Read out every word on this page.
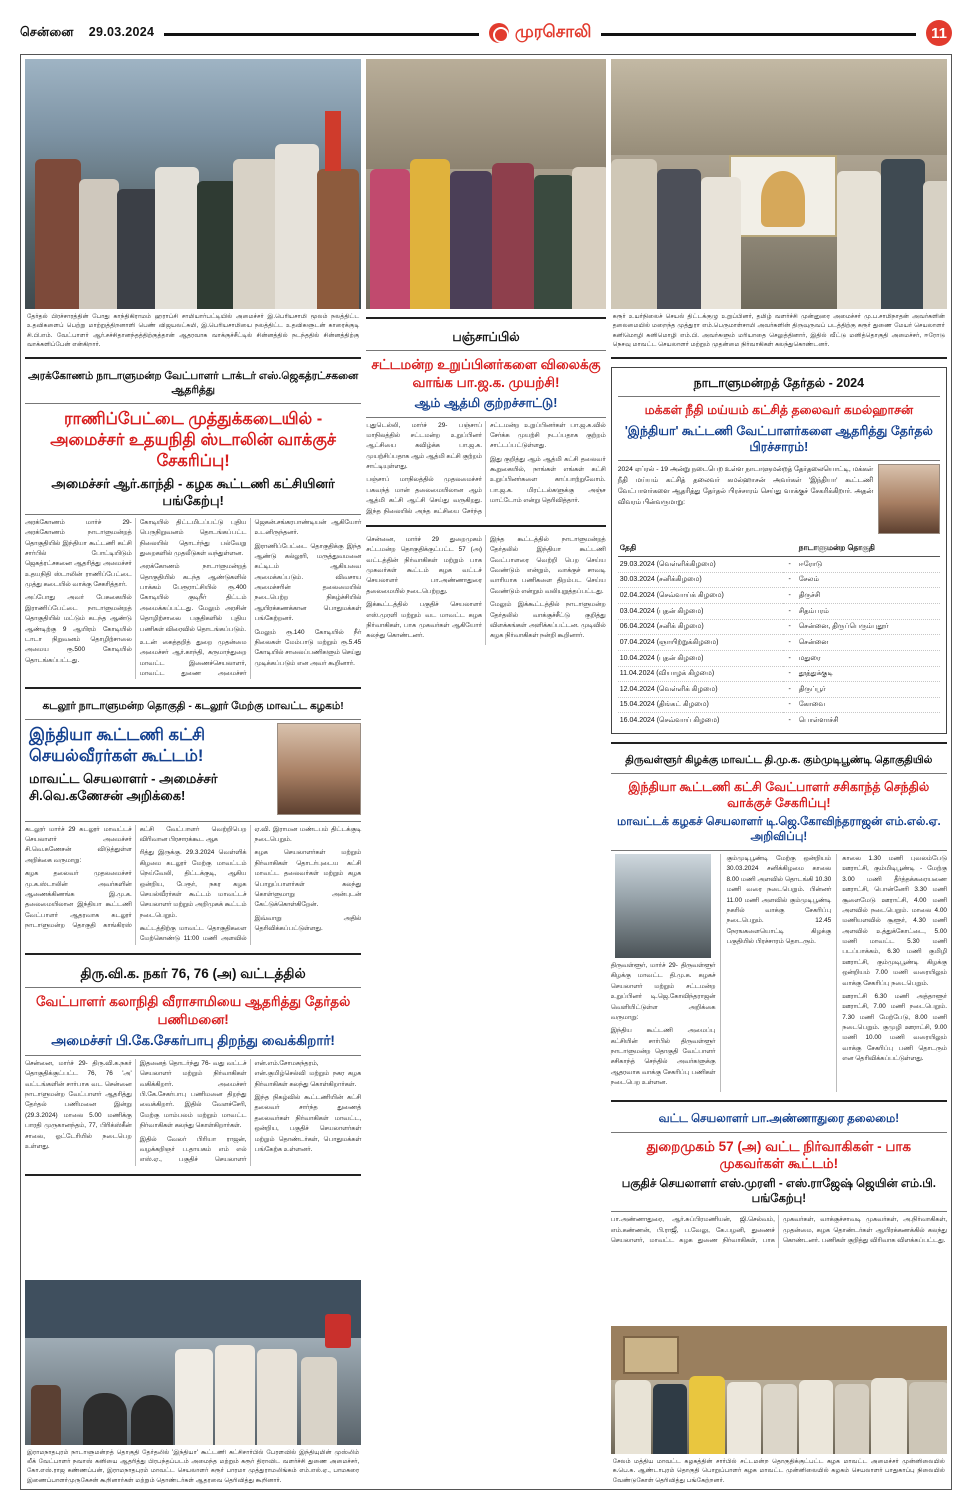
சென்னை 29.03.2024	முரசொலி	11
தேர்தல் பிரச்சாரத்தின் போது காந்திகிராமம் ஹராப்சி சாமியார்பட்டியில் அமைச்சர் இ.பெரியசாமி மூலம் நலத்திட்ட உதவிகளைப் பெற்று மாற்றுத்திறனாளி பெண் விஜயலட்சுமி, இ.பெரியசாமியை நலத்திட்ட உதவிகளுடன் காரைக்குடி சி.பி.எம். வேட்பாளர் ஆர்.சச்சிதானந்தத்திற்குத்தான் ஆதரவாக வாக்குச்சீட்டில் சின்னத்தில் நடந்ததில் சின்னத்திற்கு வாக்களிப்பேன் என்கிறார்.
அரக்கோணம் நாடாளுமன்ற வேட்பாளர் டாக்டர் எஸ்.ஜெகத்ரட்சகனை ஆதரித்து
ராணிப்பேட்டை முத்துக்கடையில் - அமைச்சர் உதயநிதி ஸ்டாலின் வாக்குச் சேகரிப்பு!
அமைச்சர் ஆர்.காந்தி - கழக கூட்டணி கட்சியினர் பங்கேற்பு!

அரக்கோணம் மார்ச் 29- அரக்கோணம் நாடாளுமன்றத் தொகுதியில் இந்தியா கூட்டணி கட்சி சார்பில் போட்டியிடும் ஜெகத்ரட்சகனை ஆதரித்து அமைச்சர் உதயநிதி ஸ்டாலின் ராணிப்பேட்டை முத்து கடையில் வாக்கு சேகரித்தார்.

அப்போது அவர் பேசுகையில் இராணிப்பேட்டை நாடாளுமன்றத் தொகுதியில் மட்டும் கடந்த ஆண்டு ஆண்டிற்கு 9 ஆயிரம் கோடியில் டாடா நிறுவனம் தொழிற்சாலை அமைய ரூ.500 கோடியில் தொடங்கப்பட்டது.

கோடியில் திட்டமிடப்பட்டு புதிய பெருநிறுவனம் தொடங்கப்பட்ட நிலையில் தொடர்ந்து பல்வேறு துறைகளில் முதலீடுகள் வந்துள்ளன.

அரக்கோணம் நாடாளுமன்றத் தொகுதியில் கடந்த ஆண்டுகளில் பாக்கம் பேரூராட்சியில் ரூ.400 கோடியில் குடிநீர் திட்டம் அமைக்கப்பட்டது. மேலும் அரசின் தொழிற்சாலை பகுதிகளில் புதிய பணிகள் விரைவில் தொடங்கப்படும்.

உடன் கைத்தறித் துறை முதன்மை அமைச்சர் ஆர்.காந்தி, கருமாந்துறை மாவட்ட இணைச்செயலாளர், மாவட்ட துணை அமைச்சர் ஜெகன்.சங்கரபாண்டியன் ஆகியோர் உடனிருந்தனர்.

இராணிப்பேட்டை தொகுதிக்கு இந்த ஆண்டு கல்லூரி, மருத்துவமனை கட்டிடம் ஆகியவை அமைக்கப்படும். விவசாய அமைச்சரின் தலைமையில் நடைபெற்ற நிகழ்ச்சியில் ஆயிரக்கணக்கான பொதுமக்கள் பங்கேற்றனர்.

மேலும் ரூ.140 கோடியில் நீர் நிலைகள் மேம்பாடு மற்றும் ரூ.5.45 கோடியில் சாலைப்பணிகளும் செய்து முடிக்கப்படும் என அவர் கூறினார்.

கடலூர் நாடாளுமன்ற தொகுதி - கடலூர் மேற்கு மாவட்ட கழகம்!
இந்தியா கூட்டணி கட்சி செயல்வீரர்கள் கூட்டம்!
மாவட்ட செயலாளர் - அமைச்சர் சி.வெ.கணேசன் அறிக்கை!

கடலூர் மார்ச் 29 கடலூர் மாவட்டச் செயலாளர் அமைச்சர் சி.வெ.கணேசன் விடுத்துள்ள அறிக்கை வருமாறு:

கழக தலைவர் முதலமைச்சர் மு.க.ஸ்டாலின் அவர்களின் ஆணைக்கிணங்க இ.மு.க. தலைமையிலான இந்தியா கூட்டணி வேட்பாளர் ஆதரவாக கடலூர் நாடாளுமன்ற தொகுதி காங்கிரஸ் கட்சி வேட்பாளர் வெற்றிபெற விரிவான பிரசாரக்கூட ஆக

ரித்து இருக்கு. 29.3.2024 வெள்ளிக் கிழமை கடலூர் மேற்கு மாவட்டம் நெய்வேலி, திட்டக்குடி, ஆகிய ஒன்றிய, பேரூர், நகர கழக செயல்வீரர்கள் கூட்டம் மாவட்டச் செயலாளர் மற்றும் அறிமுகக் கூட்டம் நடைபெறும்.

கூட்டத்திற்கு மாவட்ட தொகுதிகளை மேற்கொண்டு 11:00 மணி அளவில் ஏ.வி. இராமன மண்டபம் திட்டக்குடி நடைபெறும்.

கழக செயலாளர்கள் மற்றும் நிர்வாகிகள் தொடர்புடைய கட்சி மாவட்ட தலைவர்கள் மற்றும் கழக பொறுப்பாளர்கள் கலந்து கொள்ளுமாறு அன்புடன் கேட்டுக்கொள்கிறேன்.

இவ்வாறு அதில் தெரிவிக்கப்பட்டுள்ளது.

திரு.வி.க. நகர் 76, 76 (அ) வட்டத்தில்
வேட்பாளர் கலாநிதி வீராசாமியை ஆதரித்து தேர்தல் பணிமனை!
அமைச்சர் பி.கே.சேகர்பாபு திறந்து வைக்கிறார்!

சென்னை, மார்ச் 29- திரு.வி.க.நகர் தொகுதிக்குட்பட்ட 76, 76 'அ' வட்டங்களின் சார்பாக வட சென்னை நாடாளுமன்ற வேட்பாளர் ஆதரித்து தேர்தல் பணிமனை இன்று (29.3.2024) மாலை 5.00 மணிக்கு பாரதி முருகானந்தம், 77, பிரிக்ஸ்கீன் சாலை, ஓட்டேரியில் நடைபெற உள்ளது.

இதனைத் தொடர்ந்து 76- வது வட்டச் செயலாளர் மற்றும் நிர்வாகிகள் வகிக்கிறார். அமைச்சர் பி.கே.சேகர்பாபு பணிமனை திறந்து வைக்கிறார். இதில் வேளச்சேரி, மேற்கு மாம்பலம் மற்றும் மாவட்ட நிர்வாகிகள் கலந்து கொள்கிறார்கள்.

இதில் வேலர் பிரியா ராஜன், வழக்கறிஞர் ப.தாயகம் எம் எல் எஸ்.ஏ., பகுதிச் செயலாளர் என்.எம்.சோமசுந்தரம், என்.குமிழ்செல்வி மற்றும் நகர கழக நிர்வாகிகள் கலந்து கொள்கிறார்கள்.

இந்த நிகழ்வில் கூட்டணியின் கட்சி தலைவர் சார்ந்த துணைத் தலைவர்கள் நிர்வாகிகள் மாவட்ட, ஒன்றிய, பகுதிச் செயலாளர்கள் மற்றும் தொண்டர்கள், பொதுமக்கள் பங்கேற்க உள்ளனர்.

இராமநாதபுரம் நாடாளுமன்றத் தொகுதி தேர்தலில் 'இந்தியா' கூட்டணி கட்சிசார்பில் பேரளவில் இந்தியுமின் முஸ்லிம் லீக் வேட்பாளர் நவாஸ் கனியை ஆதரித்து பிரபந்தப்படம் அமைந்த மற்றும் கரூர் திராவிட வளர்ச்சி துணை அமைச்சர், கோ.எஸ்.ராஜ கண்ணப்பன், இராமநாதபுரம் மாவட்ட செயலாளர் கரூர் பாரமா முத்துராமலிங்கம் எம்.எல்.ஏ., பாமகரை இணைப்பாளர்முருகேசன் கூறினார்கள் மற்றும் தொண்டர்கள் ஆதரவை தெரிவித்து கூறினார்.
பஞ்சாப்பில்
சட்டமன்ற உறுப்பினர்களை விலைக்கு வாங்க பா.ஜ.க. முயற்சி!
ஆம் ஆத்மி குற்றச்சாட்டு!

புதுடெல்லி, மார்ச் 29- பஞ்சாப் மாநிலத்தில் சட்டமன்ற உறுப்பினர் ஆட்சியை கவிழ்க்க பா.ஜ.க. முயற்சிப்பதாக ஆம் ஆத்மி கட்சி குற்றம் சாட்டியுள்ளது.

பஞ்சாப் மாநிலத்தில் முதலமைச்சர் பகவந்த் மான் தலைமையிலான ஆம் ஆத்மி கட்சி ஆட்சி செய்து வருகிறது. இந்த நிலையில் அந்த கட்சியை சேர்ந்த சட்டமன்ற உறுப்பினர்கள் பா.ஜ.க.வில் சேர்க்க முயற்சி நடப்பதாக குற்றம் சாட்டப்பட்டுள்ளது.

இது குறித்து ஆம் ஆத்மி கட்சி தலைவர் கூறுகையில், நாங்கள் எங்கள் கட்சி உறுப்பினர்களை காப்பாற்றுவோம். பா.ஜ.க. மிரட்டல்களுக்கு அஞ்ச மாட்டோம் என்று தெரிவித்தார்.

சென்னை, மார்ச் 29 துறைமுகம் சட்டமன்ற தொகுதிக்குட்பட்ட 57 (அ) வட்டத்தின் நிர்வாகிகள் மற்றும் பாக முகவர்கள் கூட்டம் கழக வட்டச் செயலாளர் பா.அண்ணாதுரை தலைமையில் நடைபெற்றது.

இக்கூட்டத்தில் பகுதிச் செயலாளர் எஸ்.முரளி மற்றும் வட மாவட்ட கழக நிர்வாகிகள், பாக முகவர்கள் ஆகியோர் கலந்து கொண்டனர்.

இந்த கூட்டத்தில் நாடாளுமன்றத் தேர்தலில் இந்தியா கூட்டணி வேட்பாளரை வெற்றி பெற செய்ய வேண்டும் என்றும், வாக்குச் சாவடி வாரியாக பணிகளை திறம்பட செய்ய வேண்டும் என்றும் வலியுறுத்தப்பட்டது.

மேலும் இக்கூட்டத்தில் நாடாளுமன்ற தேர்தலில் வாக்குச்சீட்டு குறித்து விளக்கங்கள் அளிக்கப்பட்டன. முடிவில் கழக நிர்வாகிகள் நன்றி கூறினார்.

கரூர் உயர்நிலைச் செயல் திட்டக்குழு உறுப்பினர், தமிழ் வளர்ச்சி முன்னுரை அமைச்சர் மு.ப.சாமிநாதன் அவர்களின் தலைமையில் மறைந்த முத்துரா எம்.பெருமாள்சாமி அவர்களின் திருவுருவப் படத்திற்கு கரூர் துணை மேயர் செயலாளர் கனிமொழி கனிமொழி எம்.பி. அவர்களும் மரியாதை செலுத்தினார், இதில் வீட்டு மனித்தொகுதி அமைச்சர், ஈரோடு நெசவு மாவட்ட செயலாளர் மற்றும் முதன்மை நிர்வாகிகள் கலந்துகொண்டனர்.
நாடாளுமன்றத் தேர்தல் - 2024
மக்கள் நீதி மய்யம் கட்சித் தலைவர் கமல்ஹாசன்
'இந்தியா' கூட்டணி வேட்பாளர்களை ஆதரித்து தேர்தல் பிரச்சாரம்!
2024 ஏப்ரல் - 19 அன்று நடைபெற உள்ள நாடாளுமன்றத் தேர்தலையொட்டி, மக்கள் நீதி மய்யம் கட்சித் தலைவர் கமல்ஹாசன் அவர்கள் 'இந்தியா' கூட்டணி வேட்பாளர்களை ஆதரித்து தேர்தல் பிரச்சாரம் செய்து வாக்குச் சேகரிக்கிறார். அதன் விவரம் பின்வருமாறு:
தேதி		நாடாளுமன்ற தொகுதி
29.03.2024 (வெள்ளிக்கிழமை)	-	ஈரோடு
30.03.2024 (சனிக்கிழமை)	-	சேலம்
02.04.2024 (செவ்வாய்க் கிழமை)	-	திருச்சி
03.04.2024 (புதன் கிழமை)	-	சிதம்பரம்
06.04.2024 (சனிக் கிழமை)	-	சென்னை, திருப்பெரும்புதூர்
07.04.2024 (ஞாயிற்றுக்கிழமை)	-	சென்னை
10.04.2024 (புதன் கிழமை)	-	மதுரை
11.04.2024 (வியாழக் கிழமை)	-	தூத்துக்குடி
12.04.2024 (வெள்ளிக் கிழமை)	-	திருப்பூர்
15.04.2024 (திங்கட் கிழமை)	-	கோவை
16.04.2024 (செவ்வாய் கிழமை)	-	பொள்ளாச்சி
திருவள்ளூர் கிழக்கு மாவட்ட தி.மு.க. கும்முடிபூண்டி தொகுதியில்
இந்தியா கூட்டணி கட்சி வேட்பாளர் சசிகாந்த் செந்தில் வாக்குச் சேகரிப்பு!
மாவட்டக் கழகச் செயலாளர் டி.ஜெ.கோவிந்தராஜன் எம்.எல்.ஏ. அறிவிப்பு!

திருவள்ளூர், மார்ச் 29- திருவள்ளூர் கிழக்கு மாவட்ட தி.மு.க. கழகச் செயலாளர் மற்றும் சட்டமன்ற உறுப்பினர் டி.ஜெ.கோவிந்தராஜன் வெளியிட்டுள்ள அறிக்கை வருமாறு:

இந்திய கூட்டணி அமைப்பு கட்சியின் சார்பில் திருவள்ளூர் நாடாளுமன்ற தொகுதி வேட்பாளர் சசிகாந்த் செந்தில் அவர்களுக்கு ஆதரவாக வாக்கு சேகரிப்பு பணிகள் நடைபெற உள்ளன.

கும்முடிபூண்டி மேற்கு ஒன்றியம் 30.03.2024 சனிக்கிழமை காலை 8.00 மணி அளவில் தொடங்கி 10.30 மணி வரை நடைபெறும். பின்னர் 11.00 மணி அளவில் கும்முடிபூண்டி நகரில் வாக்கு சேகரிப்பு நடைபெறும். 12.45 நேரஙகளையொட்டி கிழக்கு பகுதியில் பிரச்சாரம் தொடரும்.

காலை 1.30 மணி புவலம்பேடு ஊராட்சி, கும்மிடிபூண்டி - மேற்கு 3.00 மணி தீர்த்தக்கரையணை ஊராட்சி, பொன்னேரி 3.30 மணி சூளைமேடு ஊராட்சி, 4.00 மணி அளவில் நடைபெறும். மாலை 4.00 மணியளவில் சூளூர், 4.30 மணி அளவில் உத்துக்கோட்டை, 5.00 மணி மாவட்ட 5.30 மணி படப்பாக்கம், 6.30 மணி குமிழி ஊராட்சி, கும்முடிபூண்டி கிழக்கு ஒன்றியம் 7.00 மணி வரையிலும் வாக்கு சேகரிப்பு நடைபெறும்.

ஊராட்சி 6.30 மணி அத்தாளூர் ஊராட்சி, 7.00 மணி நடைபெறும். 7.30 மணி மேற்பேடு, 8.00 மணி நடைபெறும். குமுழி ஊராட்சி, 9.00 மணி 10.00 மணி வரையிலும் வாக்கு சேகரிப்பு பணி தொடரும் என தெரிவிக்கப்பட்டுள்ளது.

வட்ட செயலாளர் பா.அண்ணாதுரை தலைமை!
துறைமுகம் 57 (அ) வட்ட நிர்வாகிகள் - பாக முகவர்கள் கூட்டம்!
பகுதிச் செயலாளர் எஸ்.முரளி - எஸ்.ராஜேஷ் ஜெயின் எம்.பி. பங்கேற்பு!

பா.அண்ணாதுரை, ஆர்.சுப்பிரமணியன், ஜி.செல்வம், எம்.கண்ணன், பி.ராஜீ, ப.வேலு, கே.பழனி, துணைச் செயலாளர், மாவட்ட கழக துணை நிர்வாகிகள், பாக முகவர்கள், வாக்குச்சாவடி முகவர்கள், அ.நிர்வாகிகள், முதன்மை, கழக தொண்டர்கள் ஆயிரக்கணக்கில் கலந்து கொண்டனர். பணிகள் குறித்து விரிவாக விளக்கப்பட்டது.

சேலம் மத்திய மாவட்ட கழகத்தின் சார்பில் சட்டமன்ற தொகுதிக்குட்பட்ட கழக மாவட்ட அமைச்சர் முன்னிலையில் க.பெ.க. ஆண்டாபுரம் தொகுதி பொறுப்பாளர் கழக மாவட்ட முன்னிலையில் கழகம் செயலாளர் பாதுகாப்பு நிலையில் வேண்டுகோள் தெரிவித்து பங்கேற்றனர்.
